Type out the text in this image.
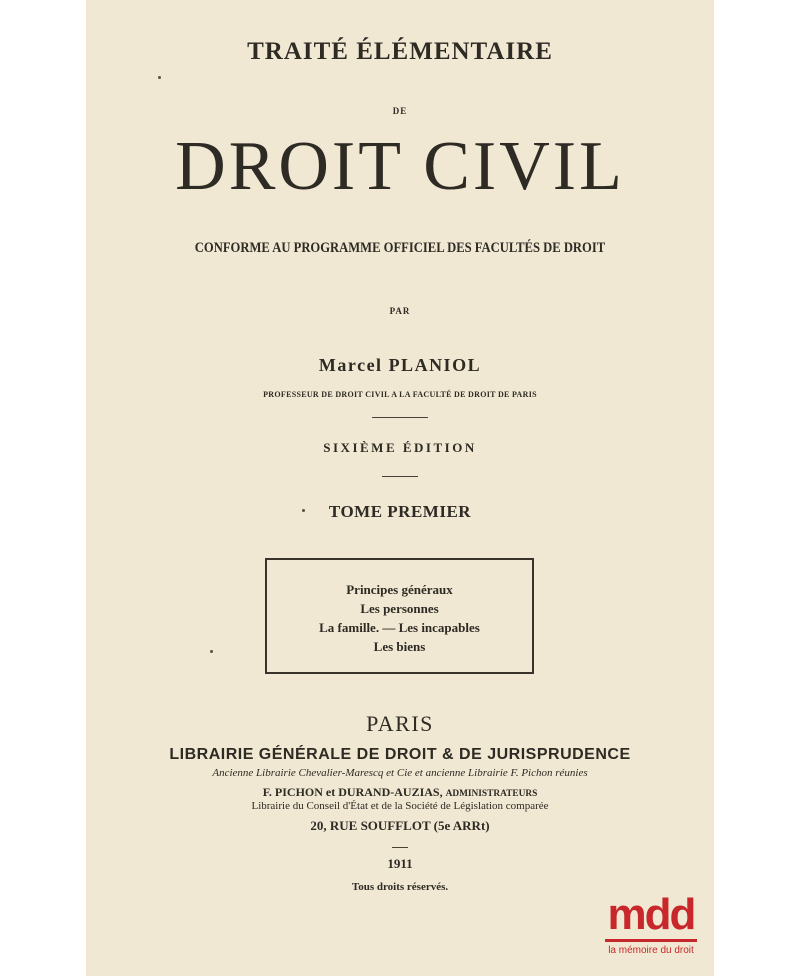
TRAITÉ ÉLÉMENTAIRE
DE
DROIT CIVIL
CONFORME AU PROGRAMME OFFICIEL DES FACULTÉS DE DROIT
PAR
Marcel PLANIOL
PROFESSEUR DE DROIT CIVIL A LA FACULTÉ DE DROIT DE PARIS
SIXIÈME ÉDITION
TOME PREMIER
Principes généraux
Les personnes
La famille. — Les incapables
Les biens
PARIS
LIBRAIRIE GÉNÉRALE DE DROIT & DE JURISPRUDENCE
Ancienne Librairie Chevalier-Marescq et Cie et ancienne Librairie F. Pichon réunies
F. PICHON et DURAND-AUZIAS, ADMINISTRATEURS
Librairie du Conseil d'État et de la Société de Législation comparée
20, RUE SOUFFLOT (5e ARRt)
1911
Tous droits réservés.
mdd
la mémoire du droit
